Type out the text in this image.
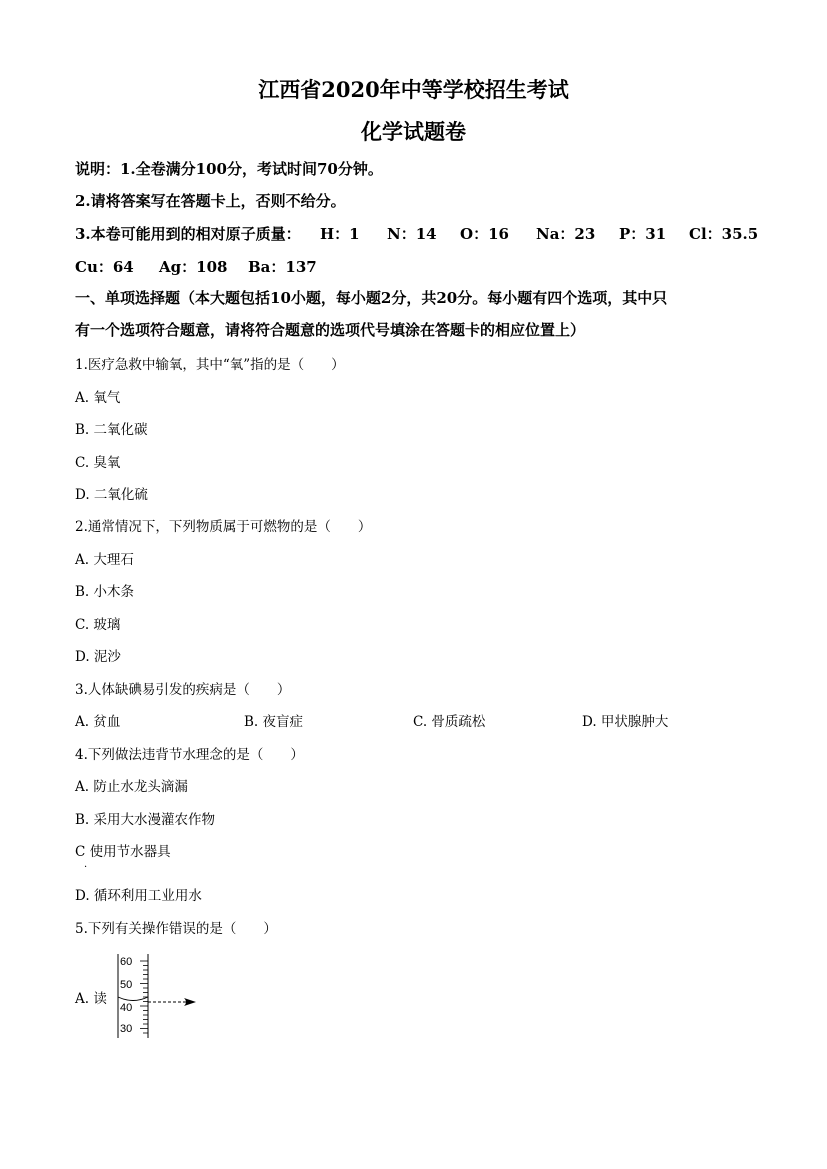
江西省2020年中等学校招生考试
化学试题卷
说明：1.全卷满分100分，考试时间70分钟。
2.请将答案写在答题卡上，否则不给分。
3.本卷可能用到的相对原子质量： H：1 N：14 O：16 Na：23 P：31 Cl：35.5
Cu：64 Ag：108 Ba：137
一、单项选择题（本大题包括10小题，每小题2分，共20分。每小题有四个选项，其中只
有一个选项符合题意，请将符合题意的选项代号填涂在答题卡的相应位置上）
1.医疗急救中输氧，其中“氧”指的是（　　）
A. 氧气
B. 二氧化碳
C. 臭氧
D. 二氧化硫
2.通常情况下，下列物质属于可燃物的是（　　）
A. 大理石
B. 小木条
C. 玻璃
D. 泥沙
3.人体缺碘易引发的疾病是（　　）
A. 贫血	B. 夜盲症	C. 骨质疏松	D. 甲状腺肿大
4.下列做法违背节水理念的是（　　）
A. 防止水龙头滴漏
B. 采用大水漫灌农作物
C 使用节水器具
·
D. 循环利用工业用水
5.下列有关操作错误的是（　　）
A. 读
60
50
40
30
